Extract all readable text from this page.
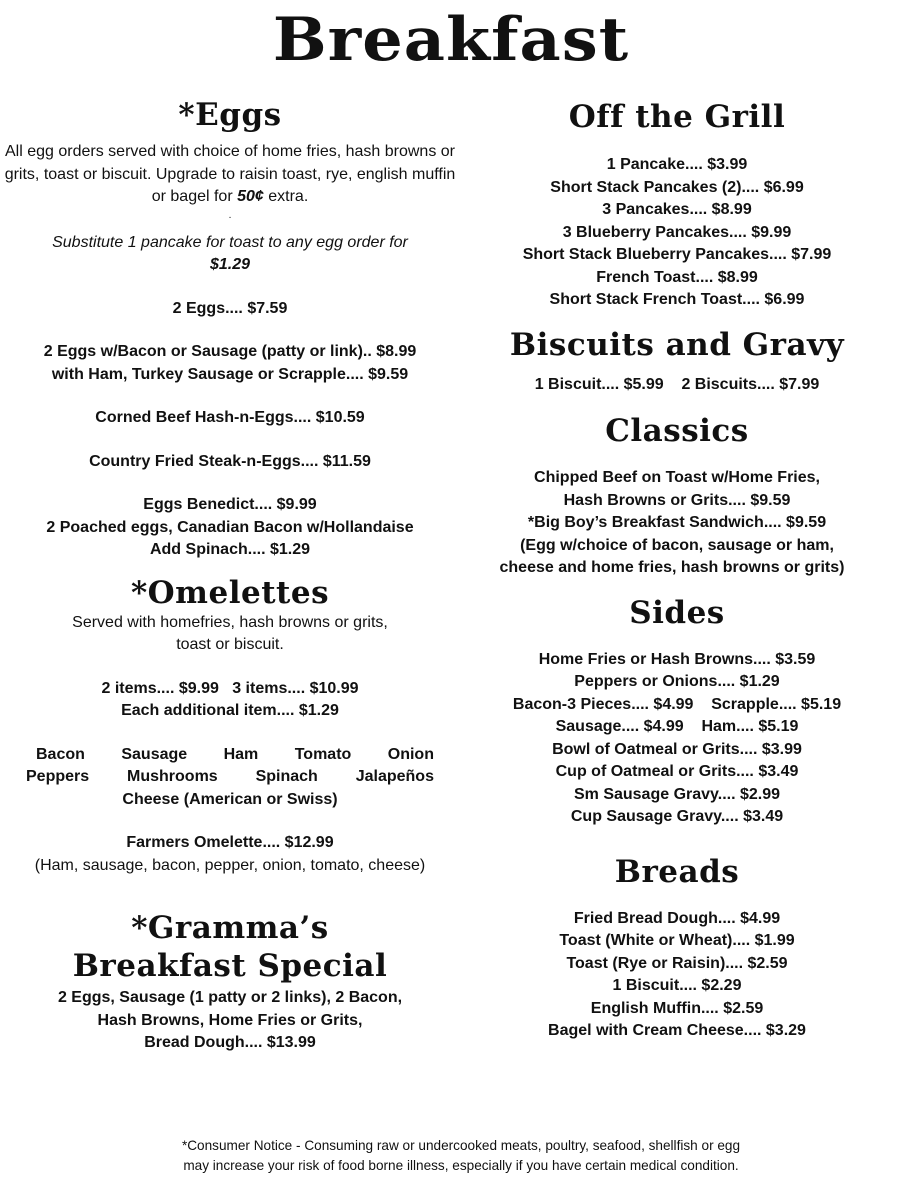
Breakfast
*Eggs

All egg orders served with choice of home fries, hash browns or grits, toast or biscuit. Upgrade to raisin toast, rye, english muffin or bagel for 50¢ extra.

.

Substitute 1 pancake for toast to any egg order for

$1.29

2 Eggs.... $7.59

2 Eggs w/Bacon or Sausage (patty or link).. $8.99

with Ham, Turkey Sausage or Scrapple.... $9.59

Corned Beef Hash-n-Eggs.... $10.59

Country Fried Steak-n-Eggs.... $11.59

Eggs Benedict.... $9.99

2 Poached eggs, Canadian Bacon w/Hollandaise

Add Spinach.... $1.29

*Omelettes

Served with homefries, hash browns or grits,

toast or biscuit.

2 items.... $9.99   3 items.... $10.99

Each additional item.... $1.29

Bacon Sausage Ham Tomato Onion
Peppers Mushrooms Spinach Jalapeños

Cheese (American or Swiss)

Farmers Omelette.... $12.99

(Ham, sausage, bacon, pepper, onion, tomato, cheese)

*Gramma’s
Breakfast Special

2 Eggs, Sausage (1 patty or 2 links), 2 Bacon,

Hash Browns, Home Fries or Grits,

Bread Dough.... $13.99

Off the Grill

1 Pancake.... $3.99

Short Stack Pancakes (2).... $6.99

3 Pancakes.... $8.99

3 Blueberry Pancakes.... $9.99

Short Stack Blueberry Pancakes.... $7.99

French Toast.... $8.99

Short Stack French Toast.... $6.99

Biscuits and Gravy

1 Biscuit.... $5.99    2 Biscuits.... $7.99

Classics

Chipped Beef on Toast w/Home Fries,

Hash Browns or Grits.... $9.59

*Big Boy’s Breakfast Sandwich.... $9.59

(Egg w/choice of bacon, sausage or ham,

cheese and home fries, hash browns or grits)

Sides

Home Fries or Hash Browns.... $3.59

Peppers or Onions.... $1.29

Bacon-3 Pieces.... $4.99    Scrapple.... $5.19

Sausage.... $4.99    Ham.... $5.19

Bowl of Oatmeal or Grits.... $3.99

Cup of Oatmeal or Grits.... $3.49

Sm Sausage Gravy.... $2.99

Cup Sausage Gravy.... $3.49

Breads

Fried Bread Dough.... $4.99

Toast (White or Wheat).... $1.99

Toast (Rye or Raisin).... $2.59

1 Biscuit.... $2.29

English Muffin.... $2.59

Bagel with Cream Cheese.... $3.29

*Consumer Notice - Consuming raw or undercooked meats, poultry, seafood, shellfish or egg
may increase your risk of food borne illness, especially if you have certain medical condition.
